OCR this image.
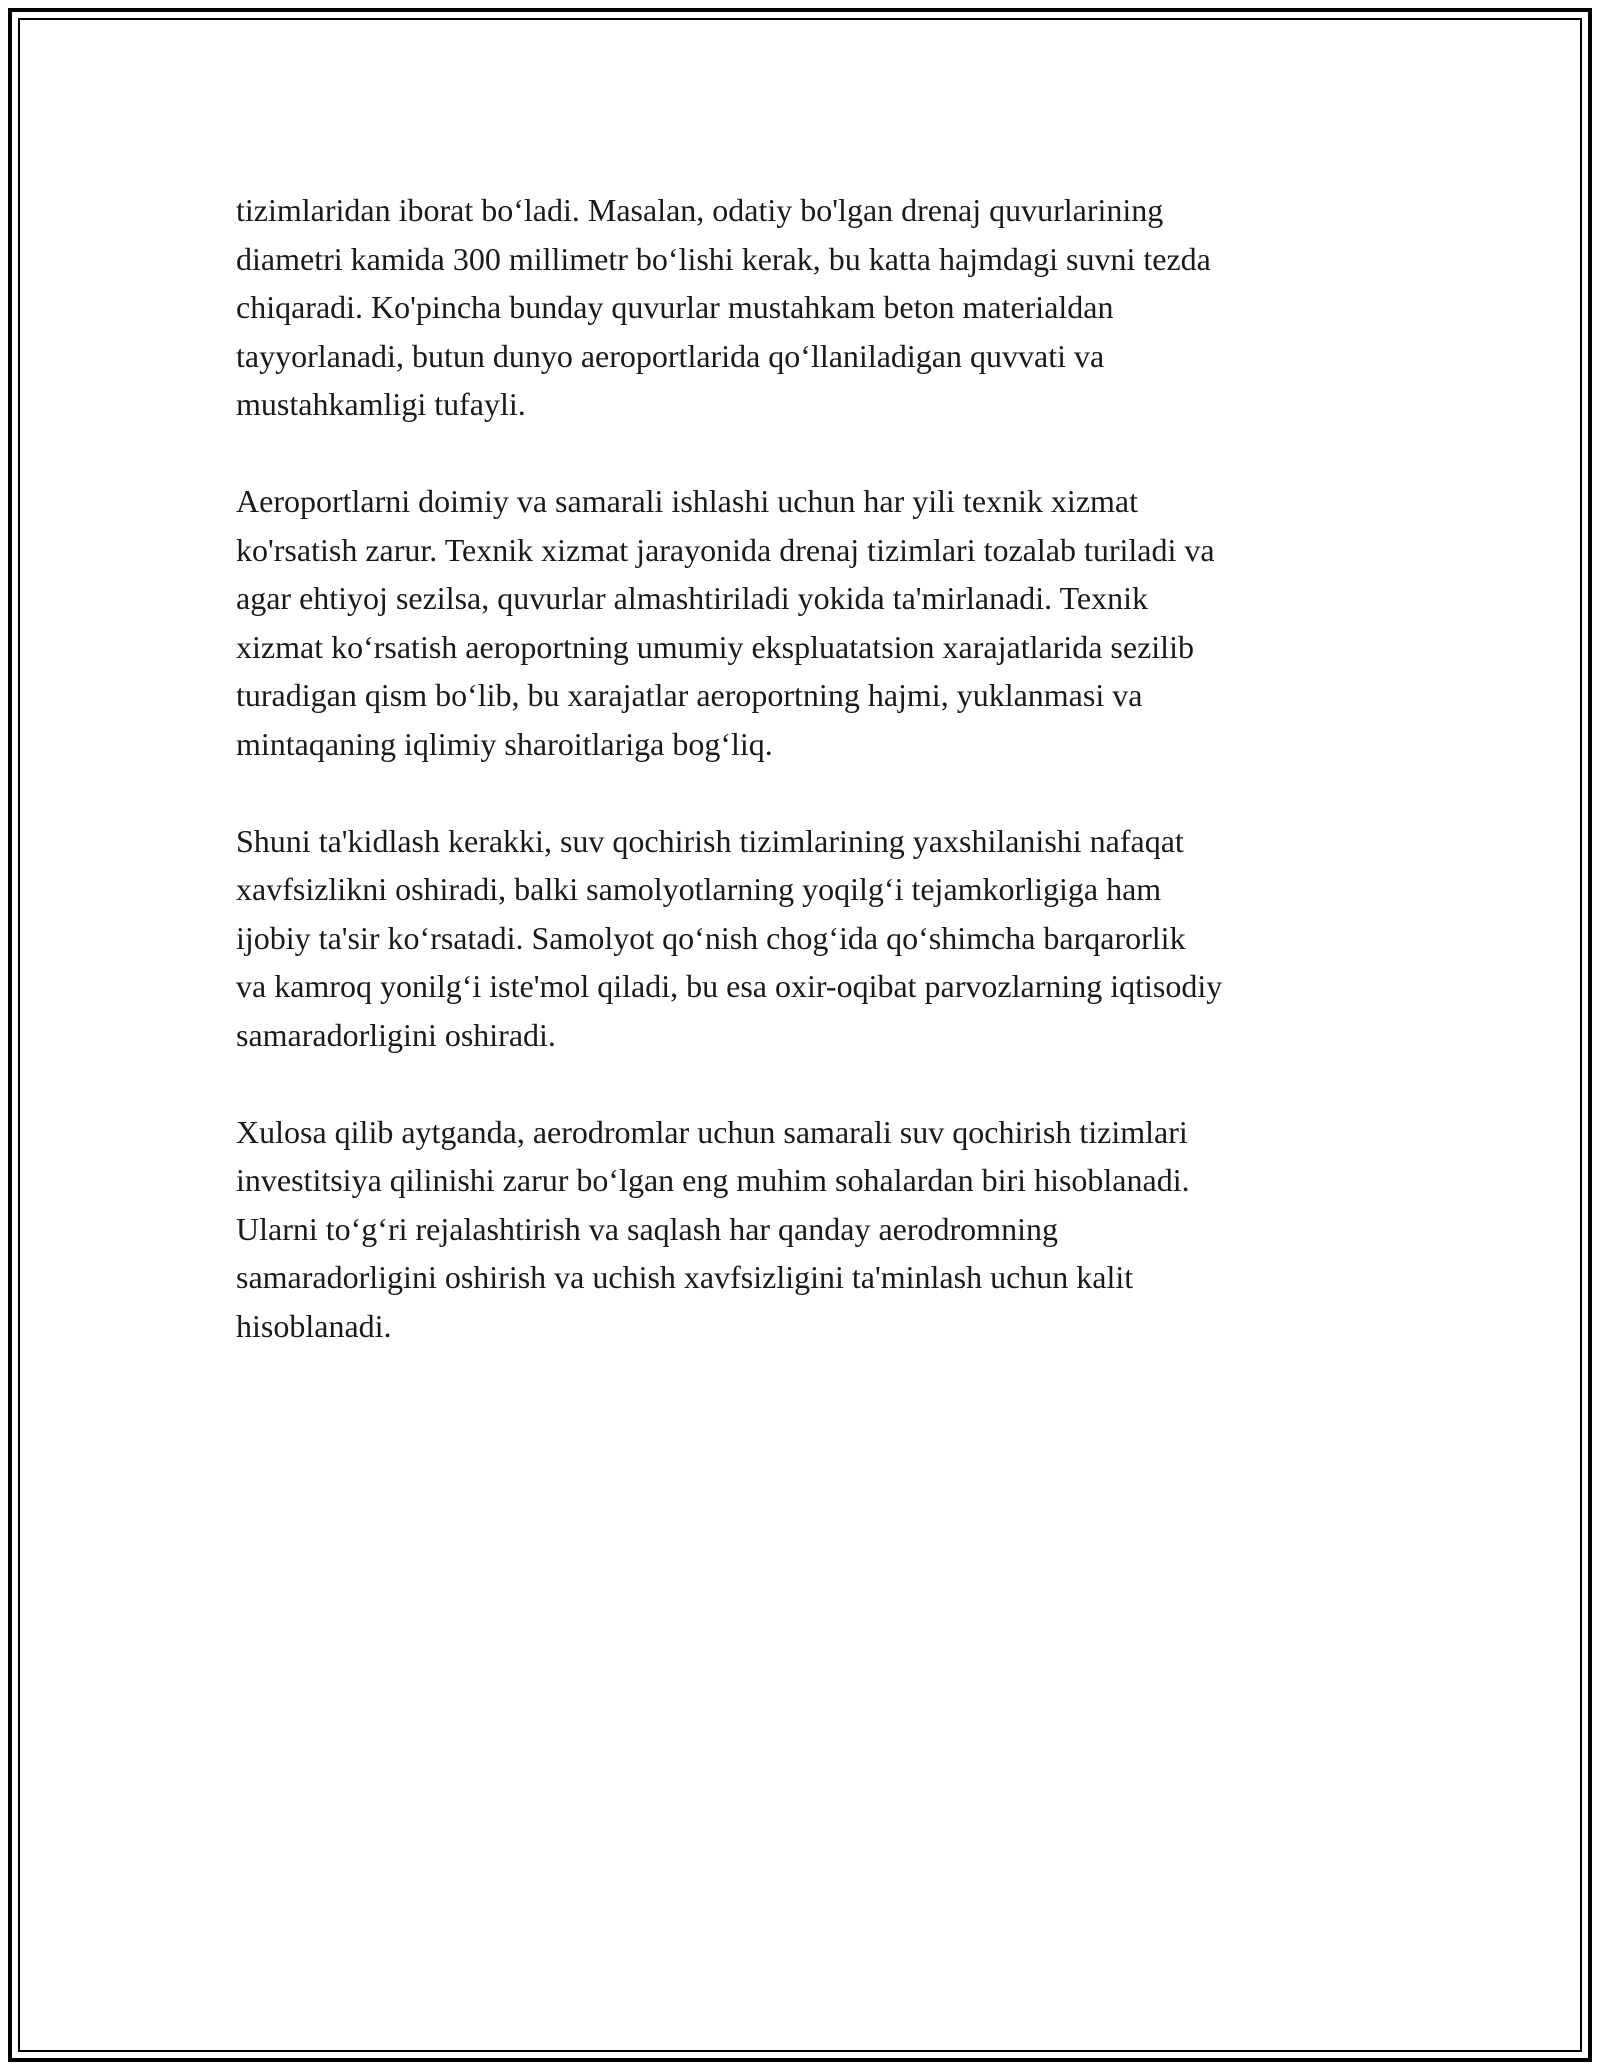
tizimlaridan iborat bo‘ladi. Masalan, odatiy bo'lgan drenaj quvurlarining

diametri kamida 300 millimetr bo‘lishi kerak, bu katta hajmdagi suvni tezda

chiqaradi. Ko'pincha bunday quvurlar mustahkam beton materialdan

tayyorlanadi, butun dunyo aeroportlarida qo‘llaniladigan quvvati va

mustahkamligi tufayli.

Aeroportlarni doimiy va samarali ishlashi uchun har yili texnik xizmat

ko'rsatish zarur. Texnik xizmat jarayonida drenaj tizimlari tozalab turiladi va

agar ehtiyoj sezilsa, quvurlar almashtiriladi yokida ta'mirlanadi. Texnik

xizmat ko‘rsatish aeroportning umumiy ekspluatatsion xarajatlarida sezilib

turadigan qism bo‘lib, bu xarajatlar aeroportning hajmi, yuklanmasi va

mintaqaning iqlimiy sharoitlariga bog‘liq.

Shuni ta'kidlash kerakki, suv qochirish tizimlarining yaxshilanishi nafaqat

xavfsizlikni oshiradi, balki samolyotlarning yoqilg‘i tejamkorligiga ham

ijobiy ta'sir ko‘rsatadi. Samolyot qo‘nish chog‘ida qo‘shimcha barqarorlik

va kamroq yonilg‘i iste'mol qiladi, bu esa oxir-oqibat parvozlarning iqtisodiy

samaradorligini oshiradi.

Xulosa qilib aytganda, aerodromlar uchun samarali suv qochirish tizimlari

investitsiya qilinishi zarur bo‘lgan eng muhim sohalardan biri hisoblanadi.

Ularni to‘g‘ri rejalashtirish va saqlash har qanday aerodromning

samaradorligini oshirish va uchish xavfsizligini ta'minlash uchun kalit

hisoblanadi.
